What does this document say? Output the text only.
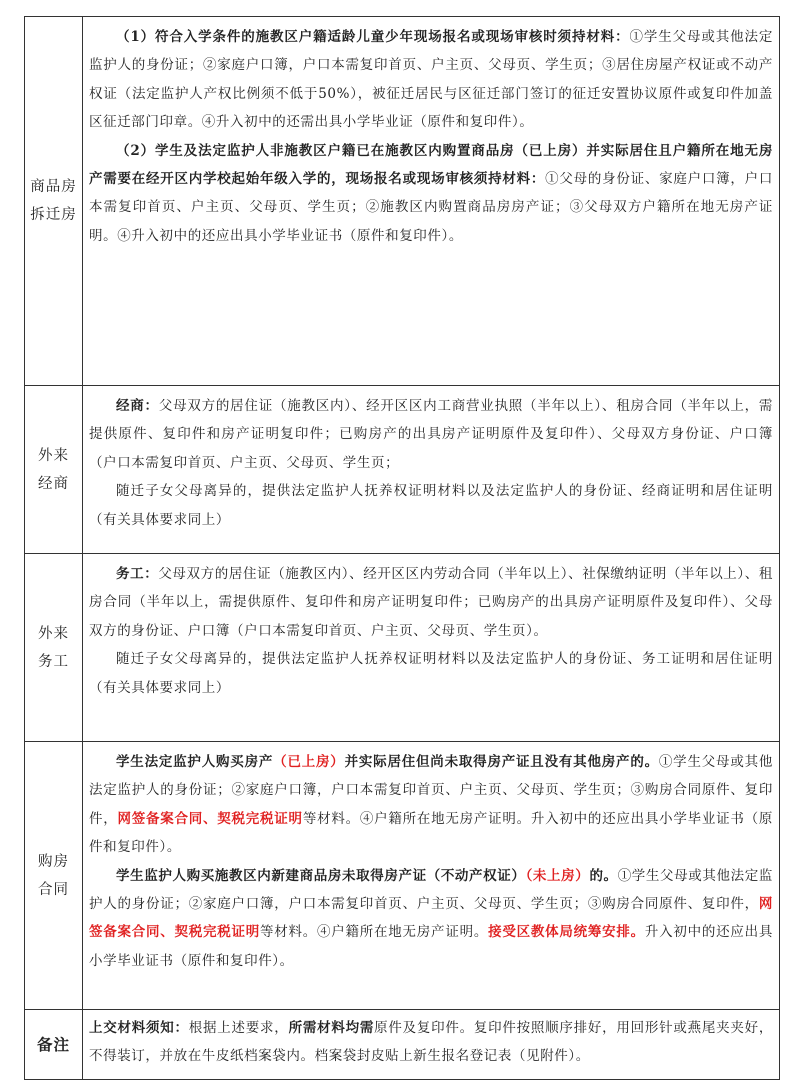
商品房
拆迁房

（1）符合入学条件的施教区户籍适龄儿童少年现场报名或现场审核时须持材料：①学生父母或其他法定监护人的身份证；②家庭户口簿，户口本需复印首页、户主页、父母页、学生页；③居住房屋产权证或不动产权证（法定监护人产权比例须不低于50%），被征迁居民与区征迁部门签订的征迁安置协议原件或复印件加盖区征迁部门印章。④升入初中的还需出具小学毕业证（原件和复印件）。

（2）学生及法定监护人非施教区户籍已在施教区内购置商品房（已上房）并实际居住且户籍所在地无房产需要在经开区内学校起始年级入学的，现场报名或现场审核须持材料：①父母的身份证、家庭户口簿，户口本需复印首页、户主页、父母页、学生页；②施教区内购置商品房房产证；③父母双方户籍所在地无房产证明。④升入初中的还应出具小学毕业证书（原件和复印件）。

外来
经商

经商：父母双方的居住证（施教区内）、经开区区内工商营业执照（半年以上）、租房合同（半年以上，需提供原件、复印件和房产证明复印件；已购房产的出具房产证明原件及复印件）、父母双方身份证、户口簿（户口本需复印首页、户主页、父母页、学生页；

随迁子女父母离异的，提供法定监护人抚养权证明材料以及法定监护人的身份证、经商证明和居住证明（有关具体要求同上）

外来
务工

务工：父母双方的居住证（施教区内）、经开区区内劳动合同（半年以上）、社保缴纳证明（半年以上）、租房合同（半年以上，需提供原件、复印件和房产证明复印件；已购房产的出具房产证明原件及复印件）、父母双方的身份证、户口簿（户口本需复印首页、户主页、父母页、学生页）。

随迁子女父母离异的，提供法定监护人抚养权证明材料以及法定监护人的身份证、务工证明和居住证明（有关具体要求同上）

购房
合同

学生法定监护人购买房产（已上房）并实际居住但尚未取得房产证且没有其他房产的。①学生父母或其他法定监护人的身份证；②家庭户口簿，户口本需复印首页、户主页、父母页、学生页；③购房合同原件、复印件，网签备案合同、契税完税证明等材料。④户籍所在地无房产证明。升入初中的还应出具小学毕业证书（原件和复印件）。

学生监护人购买施教区内新建商品房未取得房产证（不动产权证）（未上房）的。①学生父母或其他法定监护人的身份证；②家庭户口簿，户口本需复印首页、户主页、父母页、学生页；③购房合同原件、复印件，网签备案合同、契税完税证明等材料。④户籍所在地无房产证明。接受区教体局统筹安排。升入初中的还应出具小学毕业证书（原件和复印件）。

备注

上交材料须知：根据上述要求，所需材料均需原件及复印件。复印件按照顺序排好，用回形针或燕尾夹夹好，不得装订，并放在牛皮纸档案袋内。档案袋封皮贴上新生报名登记表（见附件）。
